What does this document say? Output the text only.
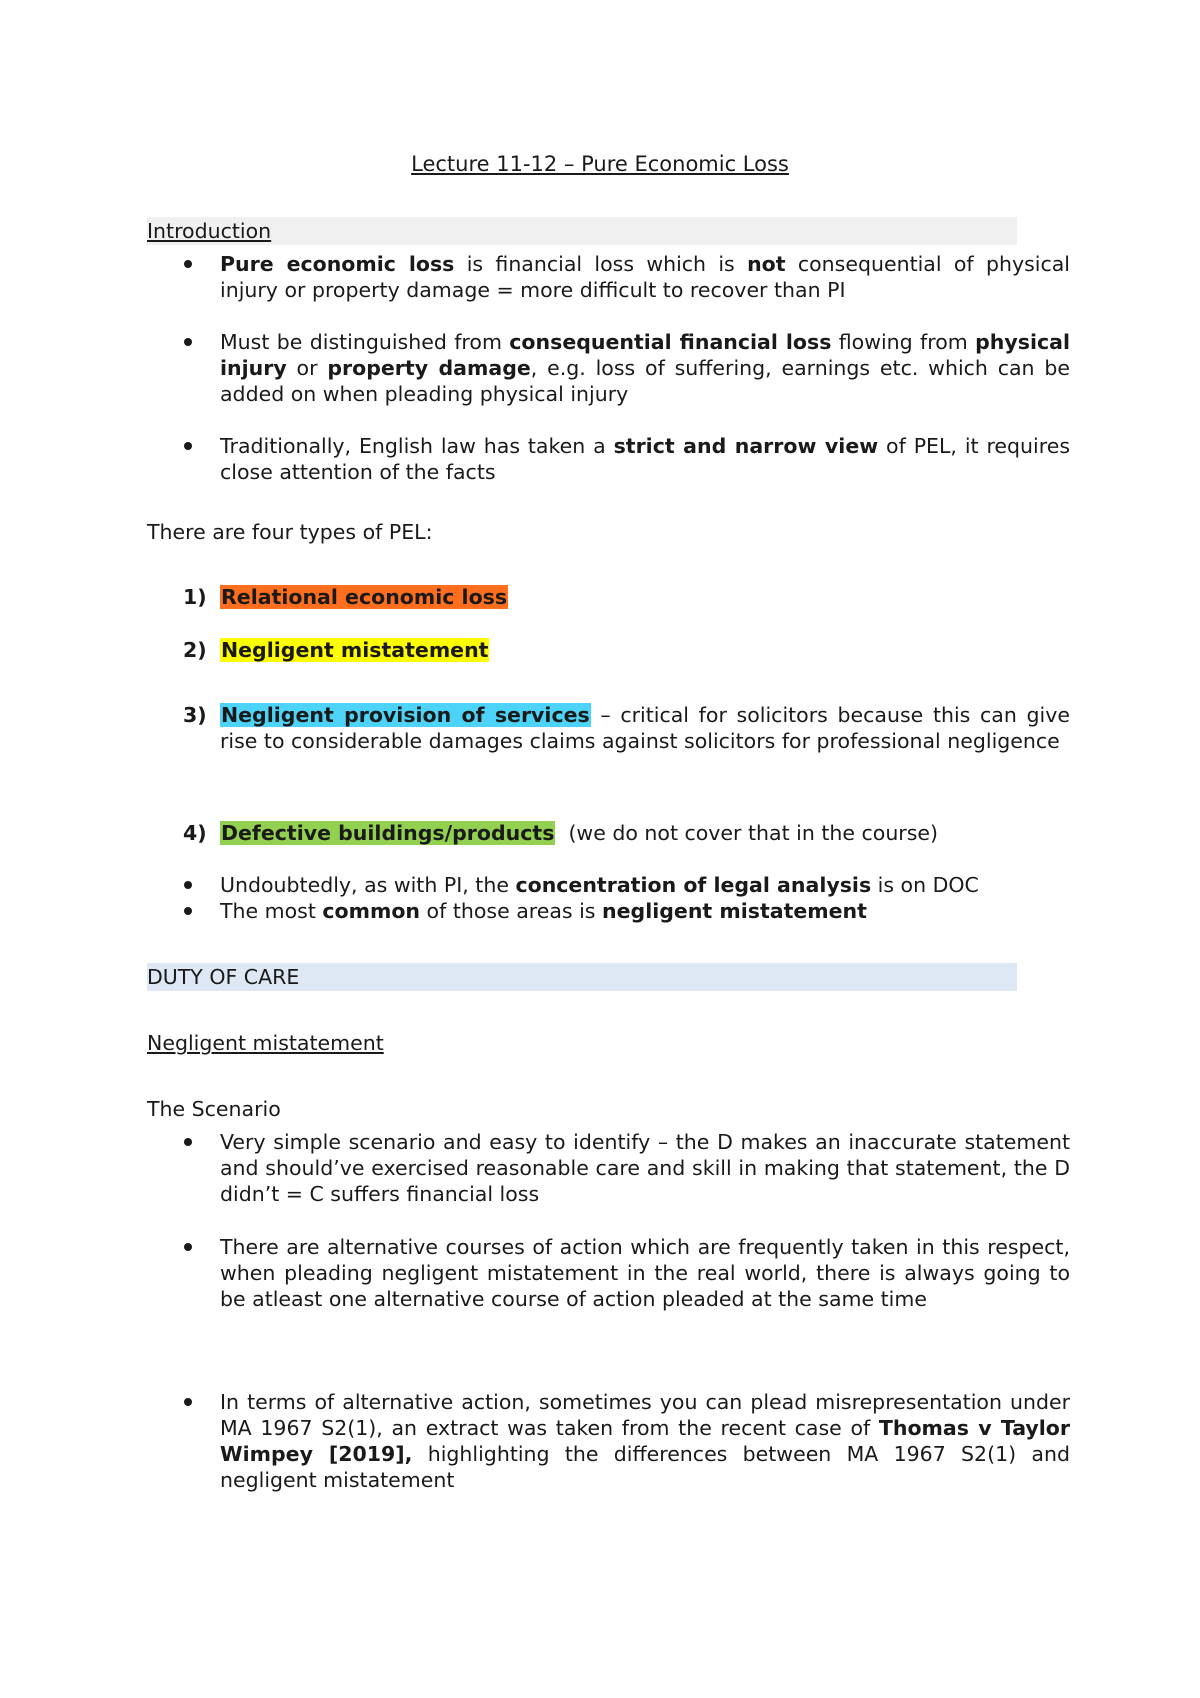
Lecture 11-12 – Pure Economic Loss
Introduction
Pure economic loss is financial loss which is not consequential of physical injury or property damage = more difficult to recover than PI
Must be distinguished from consequential financial loss flowing from physical injury or property damage, e.g. loss of suffering, earnings etc. which can be added on when pleading physical injury
Traditionally, English law has taken a strict and narrow view of PEL, it requires close attention of the facts
There are four types of PEL:
1) Relational economic loss
2) Negligent mistatement
3) Negligent provision of services – critical for solicitors because this can give rise to considerable damages claims against solicitors for professional negligence
4) Defective buildings/products  (we do not cover that in the course)
Undoubtedly, as with PI, the concentration of legal analysis is on DOC
The most common of those areas is negligent mistatement
DUTY OF CARE
Negligent mistatement
The Scenario
Very simple scenario and easy to identify – the D makes an inaccurate statement and should’ve exercised reasonable care and skill in making that statement, the D didn’t = C suffers financial loss
There are alternative courses of action which are frequently taken in this respect, when pleading negligent mistatement in the real world, there is always going to be atleast one alternative course of action pleaded at the same time
In terms of alternative action, sometimes you can plead misrepresentation under MA 1967 S2(1), an extract was taken from the recent case of Thomas v Taylor Wimpey [2019], highlighting the differences between MA 1967 S2(1) and negligent mistatement
